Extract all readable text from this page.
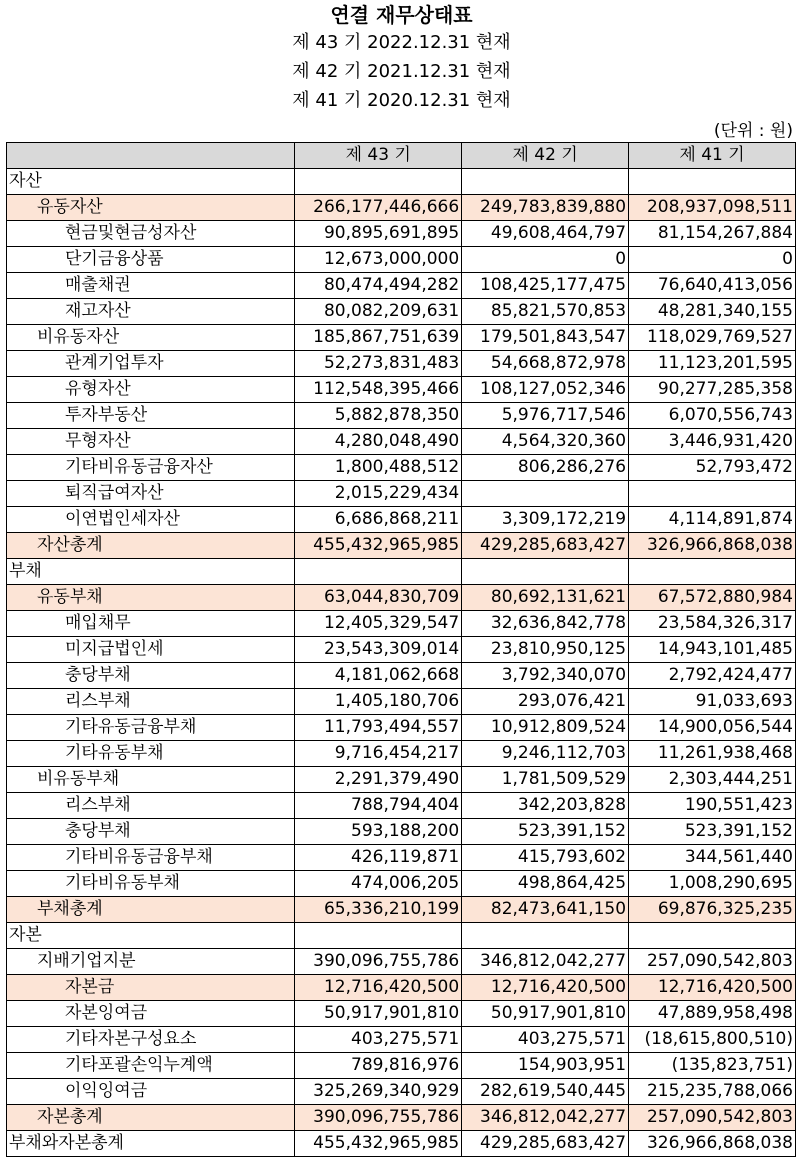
연결 재무상태표
제 43 기 2022.12.31 현재
제 42 기 2021.12.31 현재
제 41 기 2020.12.31 현재
(단위 : 원)
	제 43 기	제 42 기	제 41 기
자산			
유동자산	266,177,446,666	249,783,839,880	208,937,098,511
현금및현금성자산	90,895,691,895	49,608,464,797	81,154,267,884
단기금융상품	12,673,000,000	0	0
매출채권	80,474,494,282	108,425,177,475	76,640,413,056
재고자산	80,082,209,631	85,821,570,853	48,281,340,155
비유동자산	185,867,751,639	179,501,843,547	118,029,769,527
관계기업투자	52,273,831,483	54,668,872,978	11,123,201,595
유형자산	112,548,395,466	108,127,052,346	90,277,285,358
투자부동산	5,882,878,350	5,976,717,546	6,070,556,743
무형자산	4,280,048,490	4,564,320,360	3,446,931,420
기타비유동금융자산	1,800,488,512	806,286,276	52,793,472
퇴직급여자산	2,015,229,434		
이연법인세자산	6,686,868,211	3,309,172,219	4,114,891,874
자산총계	455,432,965,985	429,285,683,427	326,966,868,038
부채			
유동부채	63,044,830,709	80,692,131,621	67,572,880,984
매입채무	12,405,329,547	32,636,842,778	23,584,326,317
미지급법인세	23,543,309,014	23,810,950,125	14,943,101,485
충당부채	4,181,062,668	3,792,340,070	2,792,424,477
리스부채	1,405,180,706	293,076,421	91,033,693
기타유동금융부채	11,793,494,557	10,912,809,524	14,900,056,544
기타유동부채	9,716,454,217	9,246,112,703	11,261,938,468
비유동부채	2,291,379,490	1,781,509,529	2,303,444,251
리스부채	788,794,404	342,203,828	190,551,423
충당부채	593,188,200	523,391,152	523,391,152
기타비유동금융부채	426,119,871	415,793,602	344,561,440
기타비유동부채	474,006,205	498,864,425	1,008,290,695
부채총계	65,336,210,199	82,473,641,150	69,876,325,235
자본			
지배기업지분	390,096,755,786	346,812,042,277	257,090,542,803
자본금	12,716,420,500	12,716,420,500	12,716,420,500
자본잉여금	50,917,901,810	50,917,901,810	47,889,958,498
기타자본구성요소	403,275,571	403,275,571	(18,615,800,510)
기타포괄손익누계액	789,816,976	154,903,951	(135,823,751)
이익잉여금	325,269,340,929	282,619,540,445	215,235,788,066
자본총계	390,096,755,786	346,812,042,277	257,090,542,803
부채와자본총계	455,432,965,985	429,285,683,427	326,966,868,038
